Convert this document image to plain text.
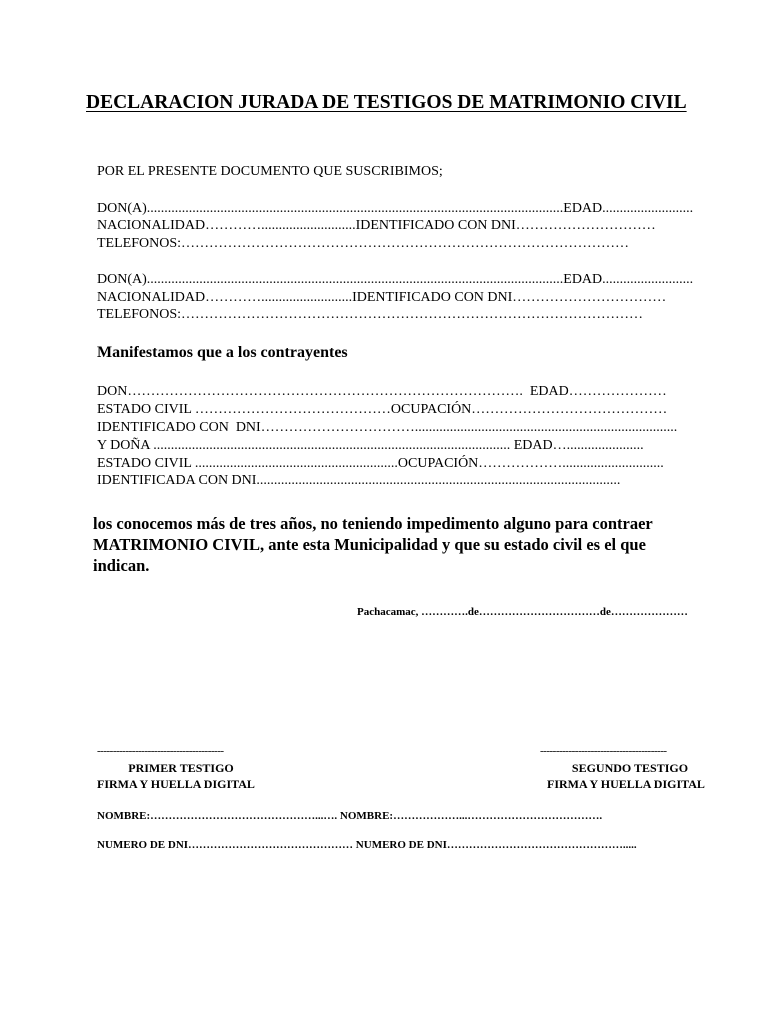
DECLARACION JURADA DE TESTIGOS DE MATRIMONIO CIVIL
POR EL PRESENTE DOCUMENTO QUE SUSCRIBIMOS;
DON(A).......................................................................................................................EDAD..........................
NACIONALIDAD…………...........................IDENTIFICADO CON DNI…………………………
TELEFONOS:……………………………………………………………………………………
DON(A).......................................................................................................................EDAD..........................
NACIONALIDAD…………..........................IDENTIFICADO CON DNI……………………………
TELEFONOS:………………………………………………………………………………………
Manifestamos que a los contrayentes
DON………………………………………………………………………….  EDAD…………………
ESTADO CIVIL ……………………………………OCUPACIÓN……………………………………
IDENTIFICADO CON  DNI……………………………...........................................................................
Y DOÑA ...................................................................................................... EDAD…......................
ESTADO CIVIL ..........................................................OCUPACIÓN……………….............................
IDENTIFICADA CON DNI........................................................................................................
los conocemos más de tres años, no teniendo impedimento alguno para contraer
MATRIMONIO CIVIL, ante esta Municipalidad y que su estado civil es el que
indican.
Pachacamac, ………….de……………………………de…………………
----------------------------------------
PRIMER TESTIGO
FIRMA Y HUELLA DIGITAL
----------------------------------------
SEGUNDO TESTIGO
FIRMA Y HUELLA DIGITAL
NOMBRE:………………………………………...…. NOMBRE:………………...……………………………….
NUMERO DE DNI……………………………………… NUMERO DE DNI………………………………………….....
